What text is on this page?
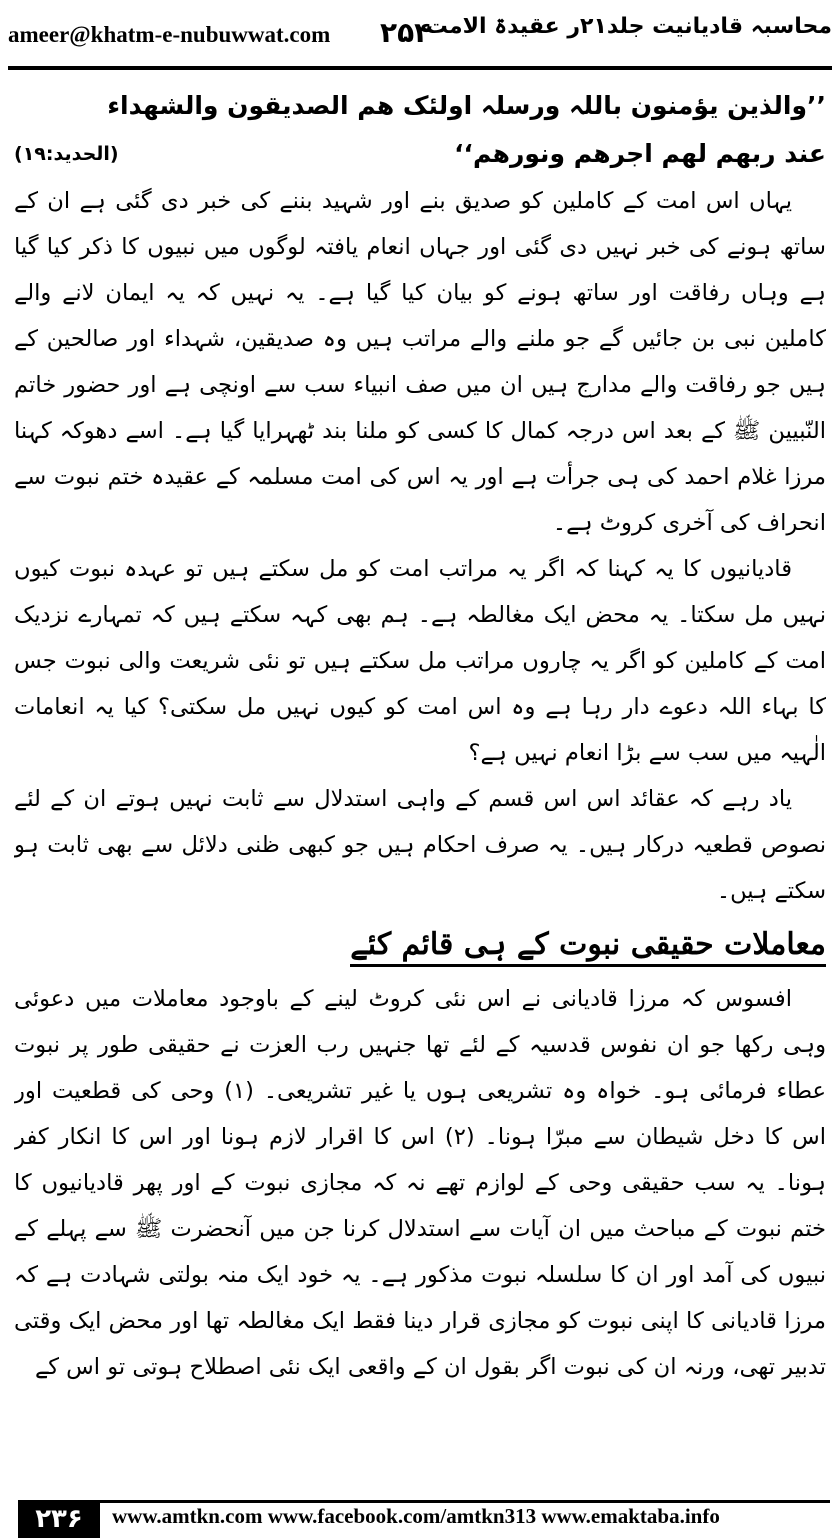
ameer@khatm-e-nubuwwat.com ۲۵۴
محاسبہ قادیانیت جلد۲۱ر عقیدۃ الامت

’’والذین یؤمنون باللہ ورسلہ اولئک ھم الصدیقون والشھداء

(الحدید:۱۹)	عند ربھم لھم اجرھم ونورھم‘‘

یہاں اس امت کے کاملین کو صدیق بنے اور شہید بننے کی خبر دی گئی ہے ان کے ساتھ ہونے کی خبر نہیں دی گئی اور جہاں انعام یافتہ لوگوں میں نبیوں کا ذکر کیا گیا ہے وہاں رفاقت اور ساتھ ہونے کو بیان کیا گیا ہے۔ یہ نہیں کہ یہ ایمان لانے والے کاملین نبی بن جائیں گے جو ملنے والے مراتب ہیں وہ صدیقین، شہداء اور صالحین کے ہیں جو رفاقت والے مدارج ہیں ان میں صف انبیاء سب سے اونچی ہے اور حضور خاتم النّبیین ﷺ کے بعد اس درجہ کمال کا کسی کو ملنا بند ٹھہرایا گیا ہے۔ اسے دھوکہ کہنا مرزا غلام احمد کی ہی جرأت ہے اور یہ اس کی امت مسلمہ کے عقیدہ ختم نبوت سے انحراف کی آخری کروٹ ہے۔

قادیانیوں کا یہ کہنا کہ اگر یہ مراتب امت کو مل سکتے ہیں تو عہدہ نبوت کیوں نہیں مل سکتا۔ یہ محض ایک مغالطہ ہے۔ ہم بھی کہہ سکتے ہیں کہ تمہارے نزدیک امت کے کاملین کو اگر یہ چاروں مراتب مل سکتے ہیں تو نئی شریعت والی نبوت جس کا بہاء اللہ دعوے دار رہا ہے وہ اس امت کو کیوں نہیں مل سکتی؟ کیا یہ انعامات الٰہیہ میں سب سے بڑا انعام نہیں ہے؟

یاد رہے کہ عقائد اس اس قسم کے واہی استدلال سے ثابت نہیں ہوتے ان کے لئے نصوص قطعیہ درکار ہیں۔ یہ صرف احکام ہیں جو کبھی ظنی دلائل سے بھی ثابت ہو سکتے ہیں۔

معاملات حقیقی نبوت کے ہی قائم کئے

افسوس کہ مرزا قادیانی نے اس نئی کروٹ لینے کے باوجود معاملات میں دعوئی وہی رکھا جو ان نفوس قدسیہ کے لئے تھا جنہیں رب العزت نے حقیقی طور پر نبوت عطاء فرمائی ہو۔ خواہ وہ تشریعی ہوں یا غیر تشریعی۔ (۱) وحی کی قطعیت اور اس کا دخل شیطان سے مبرّا ہونا۔ (۲) اس کا اقرار لازم ہونا اور اس کا انکار کفر ہونا۔ یہ سب حقیقی وحی کے لوازم تھے نہ کہ مجازی نبوت کے اور پھر قادیانیوں کا ختم نبوت کے مباحث میں ان آیات سے استدلال کرنا جن میں آنحضرت ﷺ سے پہلے کے نبیوں کی آمد اور ان کا سلسلہ نبوت مذکور ہے۔ یہ خود ایک منہ بولتی شہادت ہے کہ مرزا قادیانی کا اپنی نبوت کو مجازی قرار دینا فقط ایک مغالطہ تھا اور محض ایک وقتی تدبیر تھی، ورنہ ان کی نبوت اگر بقول ان کے واقعی ایک نئی اصطلاح ہوتی تو اس کے

۲۳۶	www.amtkn.com www.facebook.com/amtkn313 www.emaktaba.info
